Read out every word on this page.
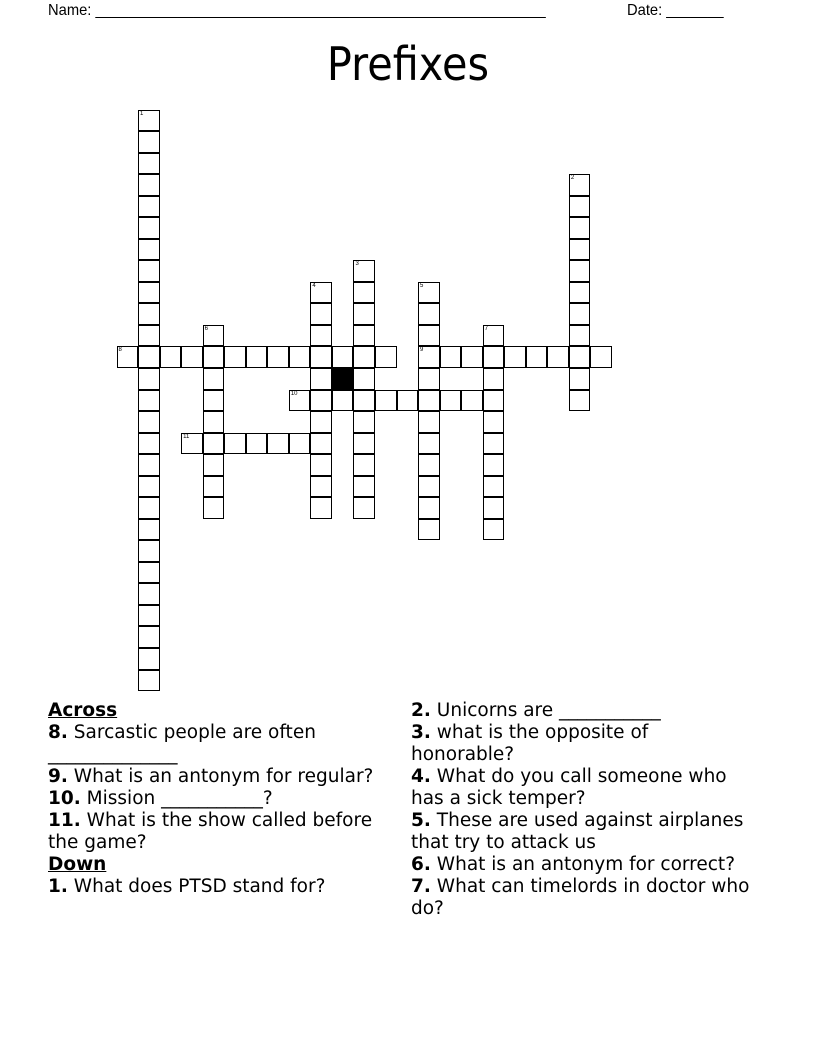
Name: _______________________________________________________	Date: _______
Prefixes
1
2
3
4	5
9
6	7
8
10
11
Across
8. Sarcastic people are often ______________
9. What is an antonym for regular?
10. Mission ___________?
11. What is the show called before the game?
Down
1. What does PTSD stand for?
2. Unicorns are ___________
3. what is the opposite of honorable?
4. What do you call someone who has a sick temper?
5. These are used against airplanes that try to attack us
6. What is an antonym for correct?
7. What can timelords in doctor who do?
